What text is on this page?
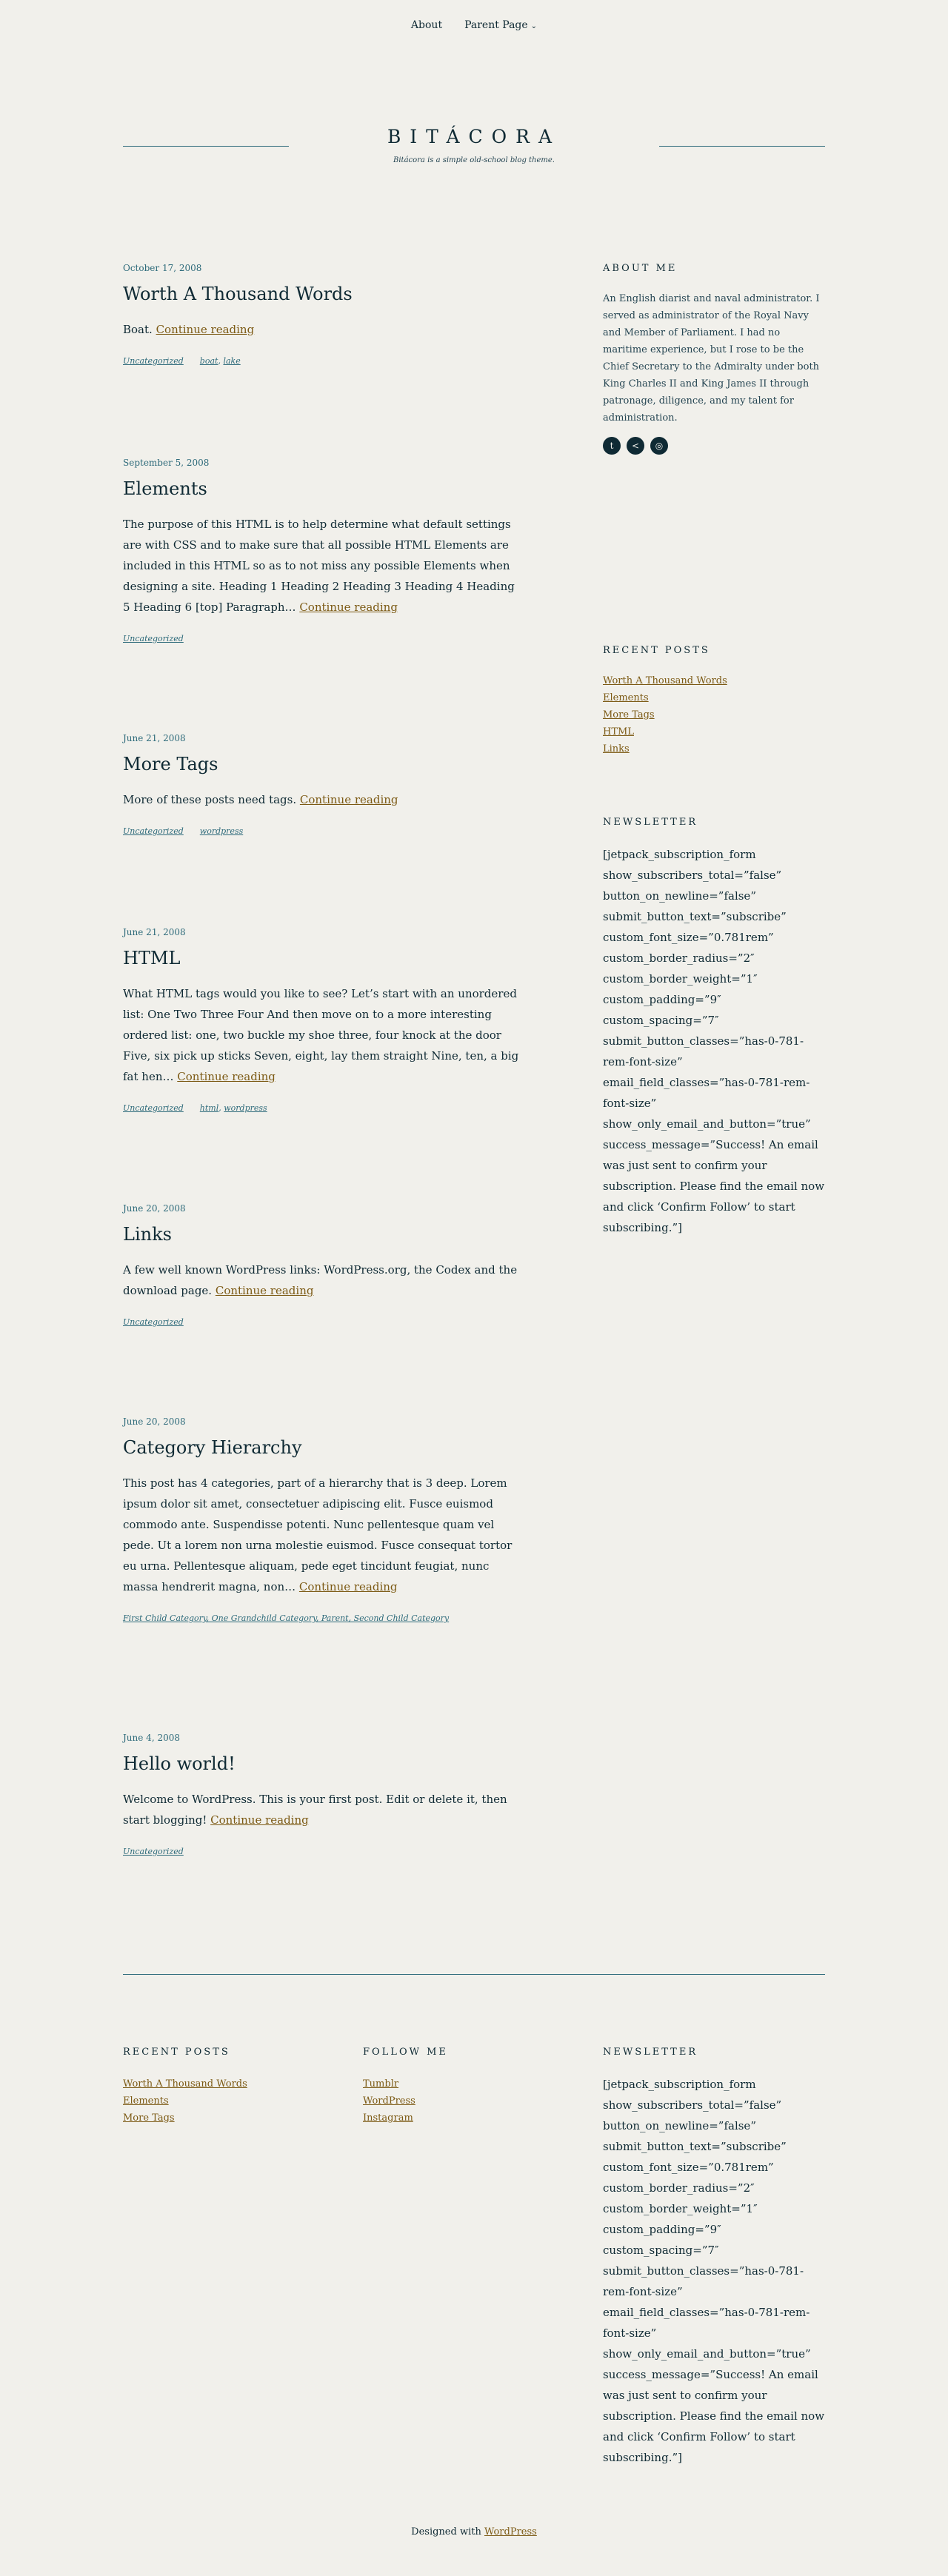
About Parent Page ⌄
BITÁCORA
Bitácora is a simple old-school blog theme.
October 17, 2008
Worth A Thousand Words
Boat. Continue reading
Uncategorized boat, lake
September 5, 2008
Elements
The purpose of this HTML is to help determine what default settings are with CSS and to make sure that all possible HTML Elements are included in this HTML so as to not miss any possible Elements when designing a site. Heading 1 Heading 2 Heading 3 Heading 4 Heading 5 Heading 6 [top] Paragraph… Continue reading
Uncategorized
June 21, 2008
More Tags
More of these posts need tags. Continue reading
Uncategorized wordpress
June 21, 2008
HTML
What HTML tags would you like to see? Let’s start with an unordered list: One Two Three Four And then move on to a more interesting ordered list: one, two buckle my shoe three, four knock at the door Five, six pick up sticks Seven, eight, lay them straight Nine, ten, a big fat hen… Continue reading
Uncategorized html, wordpress
June 20, 2008
Links
A few well known WordPress links: WordPress.org, the Codex and the download page. Continue reading
Uncategorized
June 20, 2008
Category Hierarchy
This post has 4 categories, part of a hierarchy that is 3 deep. Lorem ipsum dolor sit amet, consectetuer adipiscing elit. Fusce euismod commodo ante. Suspendisse potenti. Nunc pellentesque quam vel pede. Ut a lorem non urna molestie euismod. Fusce consequat tortor eu urna. Pellentesque aliquam, pede eget tincidunt feugiat, nunc massa hendrerit magna, non… Continue reading
First Child Category, One Grandchild Category, Parent, Second Child Category
June 4, 2008
Hello world!
Welcome to WordPress. This is your first post. Edit or delete it, then start blogging! Continue reading
Uncategorized
ABOUT ME
An English diarist and naval administrator. I served as administrator of the Royal Navy and Member of Parliament. I had no maritime experience, but I rose to be the Chief Secretary to the Admiralty under both King Charles II and King James II through patronage, diligence, and my talent for administration.
t	<	◎
RECENT POSTS
Worth A Thousand Words
Elements
More Tags
HTML
Links
NEWSLETTER
[jetpack_subscription_form show_subscribers_total=”false” button_on_newline=”false” submit_button_text=”subscribe” custom_font_size=”0.781rem” custom_border_radius=”2″ custom_border_weight=”1″ custom_padding=”9″ custom_spacing=”7″ submit_button_classes=”has-0-781-rem-font-size” email_field_classes=”has-0-781-rem-font-size” show_only_email_and_button=”true” success_message=”Success! An email was just sent to confirm your subscription. Please find the email now and click ‘Confirm Follow’ to start subscribing.”]
RECENT POSTS
Worth A Thousand Words
Elements
More Tags
FOLLOW ME
Tumblr
WordPress
Instagram
NEWSLETTER
[jetpack_subscription_form show_subscribers_total=”false” button_on_newline=”false” submit_button_text=”subscribe” custom_font_size=”0.781rem” custom_border_radius=”2″ custom_border_weight=”1″ custom_padding=”9″ custom_spacing=”7″ submit_button_classes=”has-0-781-rem-font-size” email_field_classes=”has-0-781-rem-font-size” show_only_email_and_button=”true” success_message=”Success! An email was just sent to confirm your subscription. Please find the email now and click ‘Confirm Follow’ to start subscribing.”]
Designed with WordPress
